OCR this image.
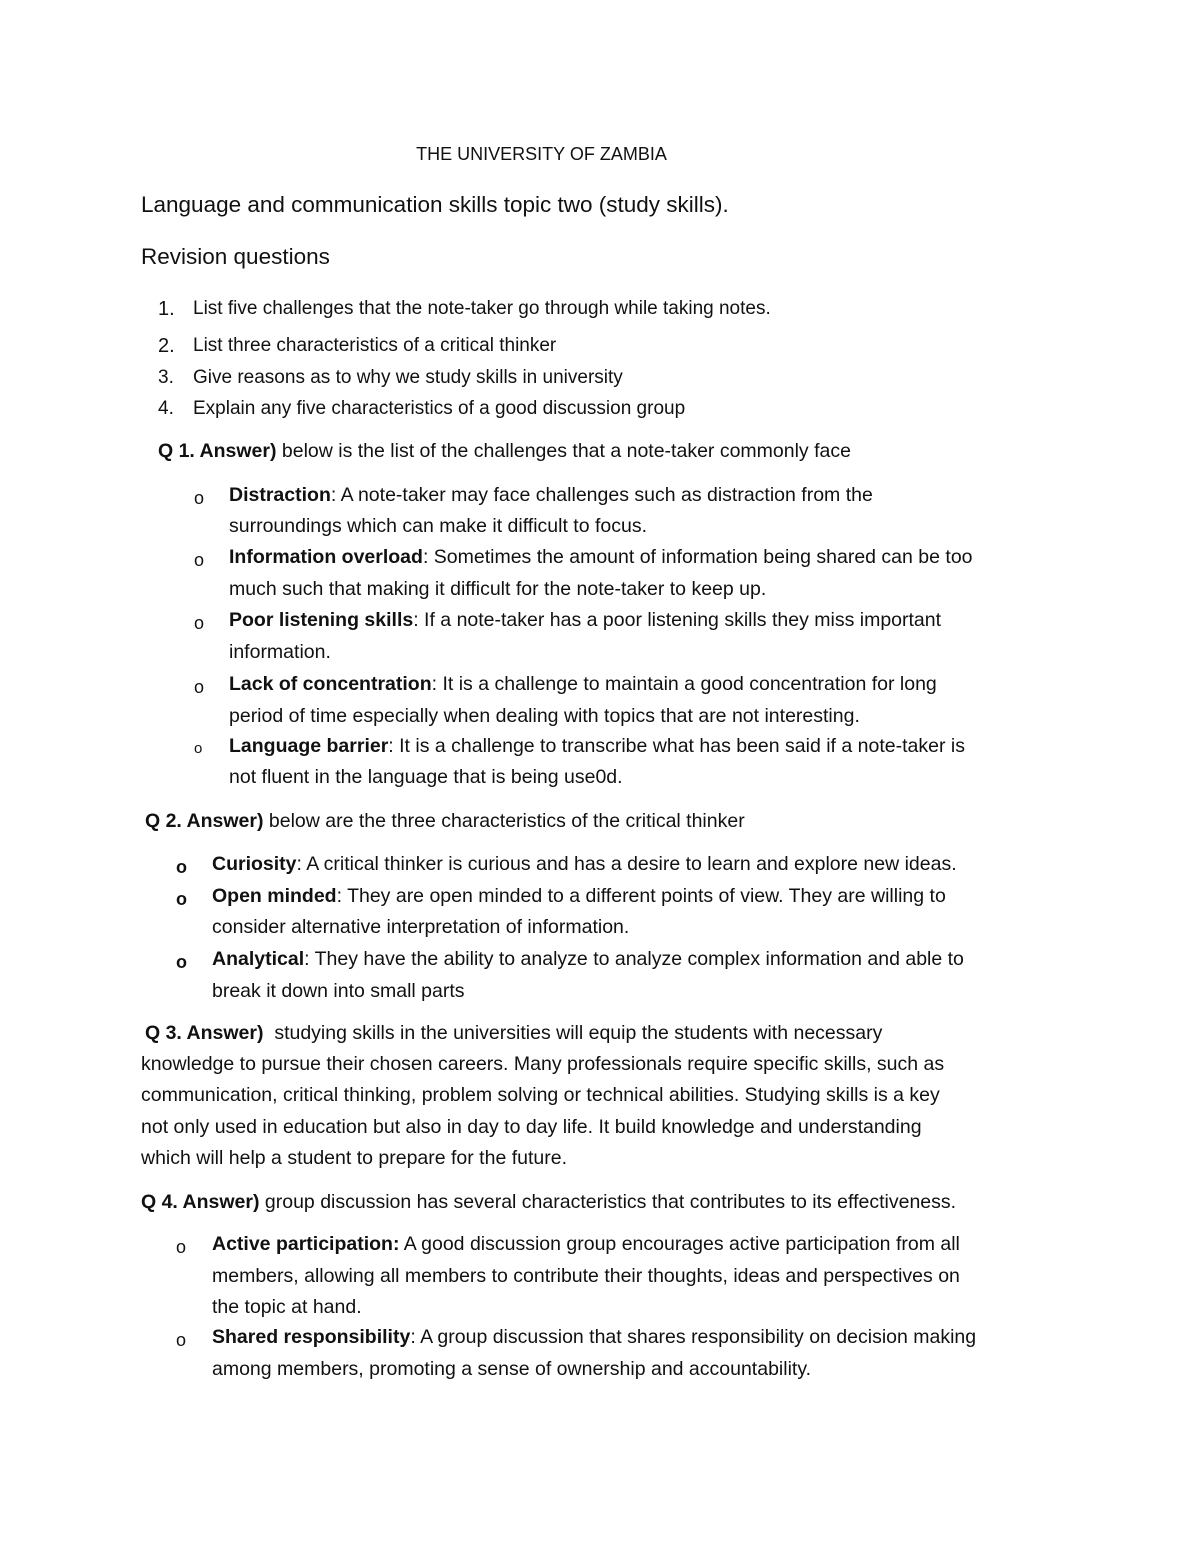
THE UNIVERSITY OF ZAMBIA
Language and communication skills topic two (study skills).
Revision questions
1. List five challenges that the note-taker go through while taking notes.
2. List three characteristics of a critical thinker
3. Give reasons as to why we study skills in university
4. Explain any five characteristics of a good discussion group
Q 1. Answer) below is the list of the challenges that a note-taker commonly face
o Distraction: A note-taker may face challenges such as distraction from the
surroundings which can make it difficult to focus.
o Information overload: Sometimes the amount of information being shared can be too
much such that making it difficult for the note-taker to keep up.
o Poor listening skills: If a note-taker has a poor listening skills they miss important
information.
o Lack of concentration: It is a challenge to maintain a good concentration for long
period of time especially when dealing with topics that are not interesting.
o Language barrier: It is a challenge to transcribe what has been said if a note-taker is
not fluent in the language that is being use0d.
Q 2. Answer) below are the three characteristics of the critical thinker
o Curiosity: A critical thinker is curious and has a desire to learn and explore new ideas.
o Open minded: They are open minded to a different points of view. They are willing to
consider alternative interpretation of information.
o Analytical: They have the ability to analyze to analyze complex information and able to
break it down into small parts
Q 3. Answer)  studying skills in the universities will equip the students with necessary
knowledge to pursue their chosen careers. Many professionals require specific skills, such as
communication, critical thinking, problem solving or technical abilities. Studying skills is a key
not only used in education but also in day to day life. It build knowledge and understanding
which will help a student to prepare for the future.
Q 4. Answer) group discussion has several characteristics that contributes to its effectiveness.
o Active participation: A good discussion group encourages active participation from all
members, allowing all members to contribute their thoughts, ideas and perspectives on
the topic at hand.
o Shared responsibility: A group discussion that shares responsibility on decision making
among members, promoting a sense of ownership and accountability.
